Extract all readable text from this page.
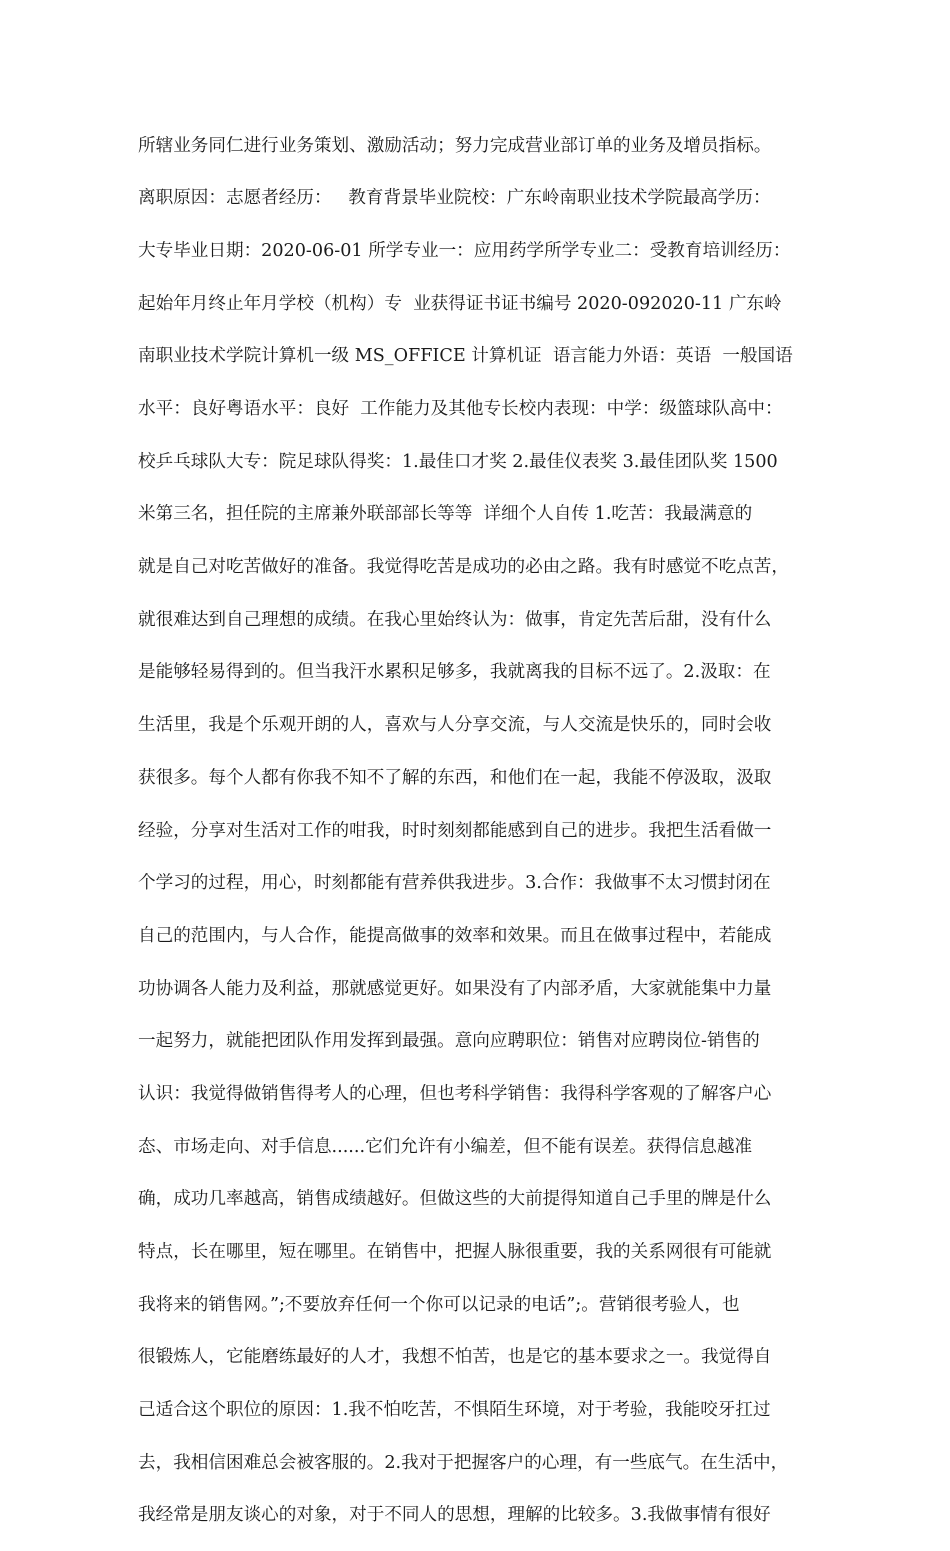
所辖业务同仁进行业务策划、激励活动；努力完成营业部订单的业务及增员指标。

离职原因：志愿者经历：   教育背景毕业院校：广东岭南职业技术学院最高学历：

大专毕业日期：2020-06-01 所学专业一：应用药学所学专业二：受教育培训经历：

起始年月终止年月学校（机构）专  业获得证书证书编号 2020-092020-11 广东岭

南职业技术学院计算机一级 MS_OFFICE 计算机证  语言能力外语：英语  一般国语

水平：良好粤语水平：良好  工作能力及其他专长校内表现：中学：级篮球队高中：

校乒乓球队大专：院足球队得奖：1.最佳口才奖 2.最佳仪表奖 3.最佳团队奖 1500

米第三名，担任院的主席兼外联部部长等等  详细个人自传 1.吃苦：我最满意的

就是自己对吃苦做好的准备。我觉得吃苦是成功的必由之路。我有时感觉不吃点苦，

就很难达到自己理想的成绩。在我心里始终认为：做事，肯定先苦后甜，没有什么

是能够轻易得到的。但当我汗水累积足够多，我就离我的目标不远了。2.汲取：在

生活里，我是个乐观开朗的人，喜欢与人分享交流，与人交流是快乐的，同时会收

获很多。每个人都有你我不知不了解的东西，和他们在一起，我能不停汲取，汲取

经验，分享对生活对工作的咁我，时时刻刻都能感到自己的进步。我把生活看做一

个学习的过程，用心，时刻都能有营养供我进步。3.合作：我做事不太习惯封闭在

自己的范围内，与人合作，能提高做事的效率和效果。而且在做事过程中，若能成

功协调各人能力及利益，那就感觉更好。如果没有了内部矛盾，大家就能集中力量

一起努力，就能把团队作用发挥到最强。意向应聘职位：销售对应聘岗位-销售的

认识：我觉得做销售得考人的心理，但也考科学销售：我得科学客观的了解客户心

态、市场走向、对手信息......它们允许有小编差，但不能有误差。获得信息越准

确，成功几率越高，销售成绩越好。但做这些的大前提得知道自己手里的牌是什么

特点，长在哪里，短在哪里。在销售中，把握人脉很重要，我的关系网很有可能就

我将来的销售网。”;不要放弃任何一个你可以记录的电话”;。营销很考验人，也

很锻炼人，它能磨练最好的人才，我想不怕苦，也是它的基本要求之一。我觉得自

己适合这个职位的原因：1.我不怕吃苦，不惧陌生环境，对于考验，我能咬牙扛过

去，我相信困难总会被客服的。2.我对于把握客户的心理，有一些底气。在生活中，

我经常是朋友谈心的对象，对于不同人的思想，理解的比较多。3.我做事情有很好
